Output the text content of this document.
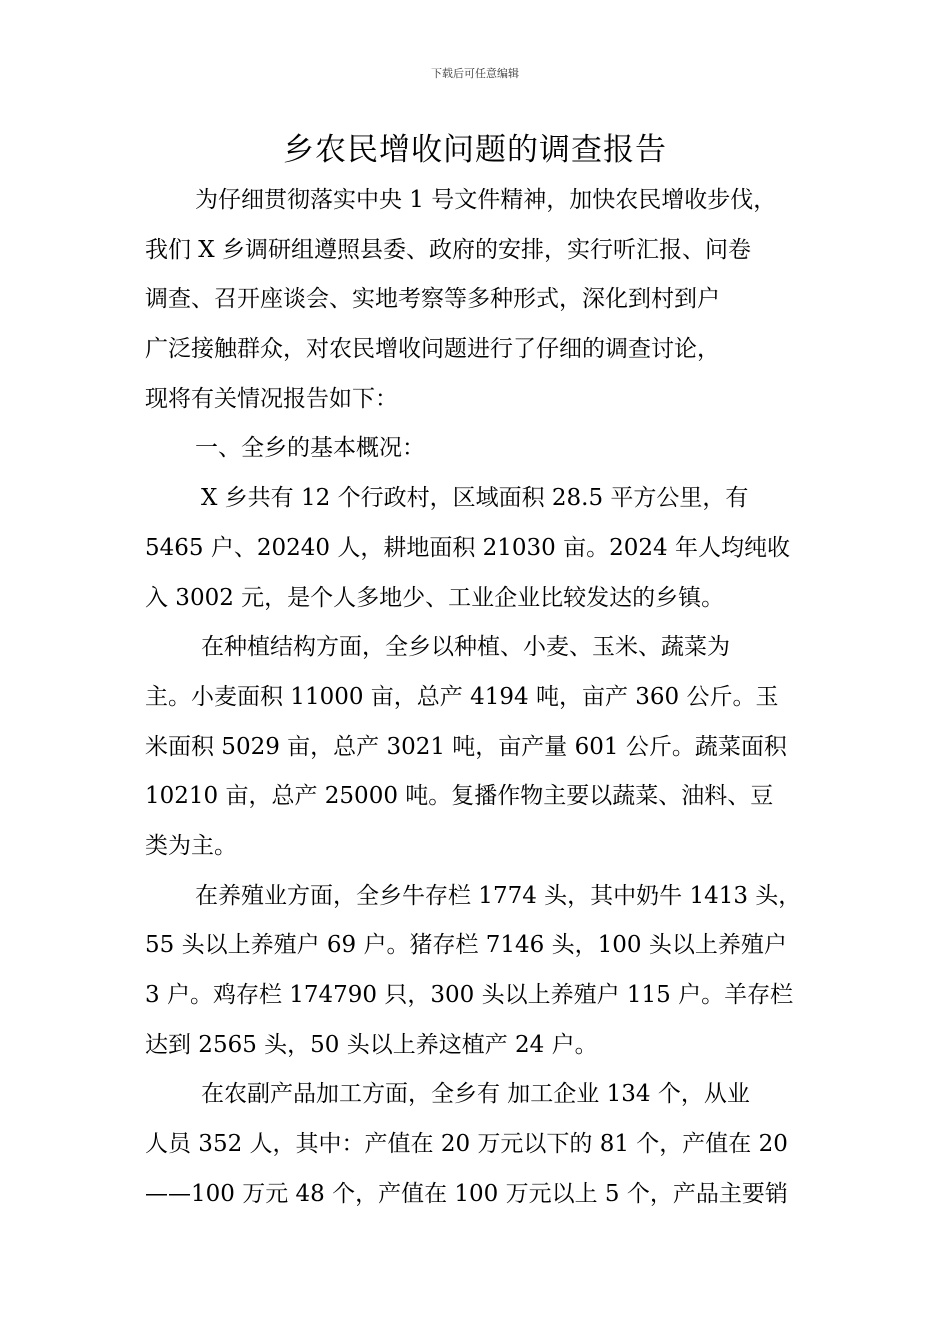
下载后可任意编辑
乡农民增收问题的调查报告
为仔细贯彻落实中央 1 号文件精神，加快农民增收步伐，
我们 X 乡调研组遵照县委、政府的安排，实行听汇报、问卷
调查、召开座谈会、实地考察等多种形式，深化到村到户
广泛接触群众，对农民增收问题进行了仔细的调查讨论，
现将有关情况报告如下：
一、全乡的基本概况：
X 乡共有 12 个行政村，区域面积 28.5 平方公里，有
5465 户、20240 人，耕地面积 21030 亩。2024 年人均纯收
入 3002 元，是个人多地少、工业企业比较发达的乡镇。
在种植结构方面，全乡以种植、小麦、玉米、蔬菜为
主。小麦面积 11000 亩，总产 4194 吨，亩产 360 公斤。玉
米面积 5029 亩，总产 3021 吨，亩产量 601 公斤。蔬菜面积
10210 亩，总产 25000 吨。复播作物主要以蔬菜、油料、豆
类为主。
在养殖业方面，全乡牛存栏 1774 头，其中奶牛 1413 头，
55 头以上养殖户 69 户。猪存栏 7146 头，100 头以上养殖户
3 户。鸡存栏 174790 只，300 头以上养殖户 115 户。羊存栏
达到 2565 头，50 头以上养这植产 24 户。
在农副产品加工方面，全乡有 加工企业 134 个，从业
人员 352 人，其中：产值在 20 万元以下的 81 个，产值在 20
——100 万元 48 个，产值在 100 万元以上 5 个，产品主要销
